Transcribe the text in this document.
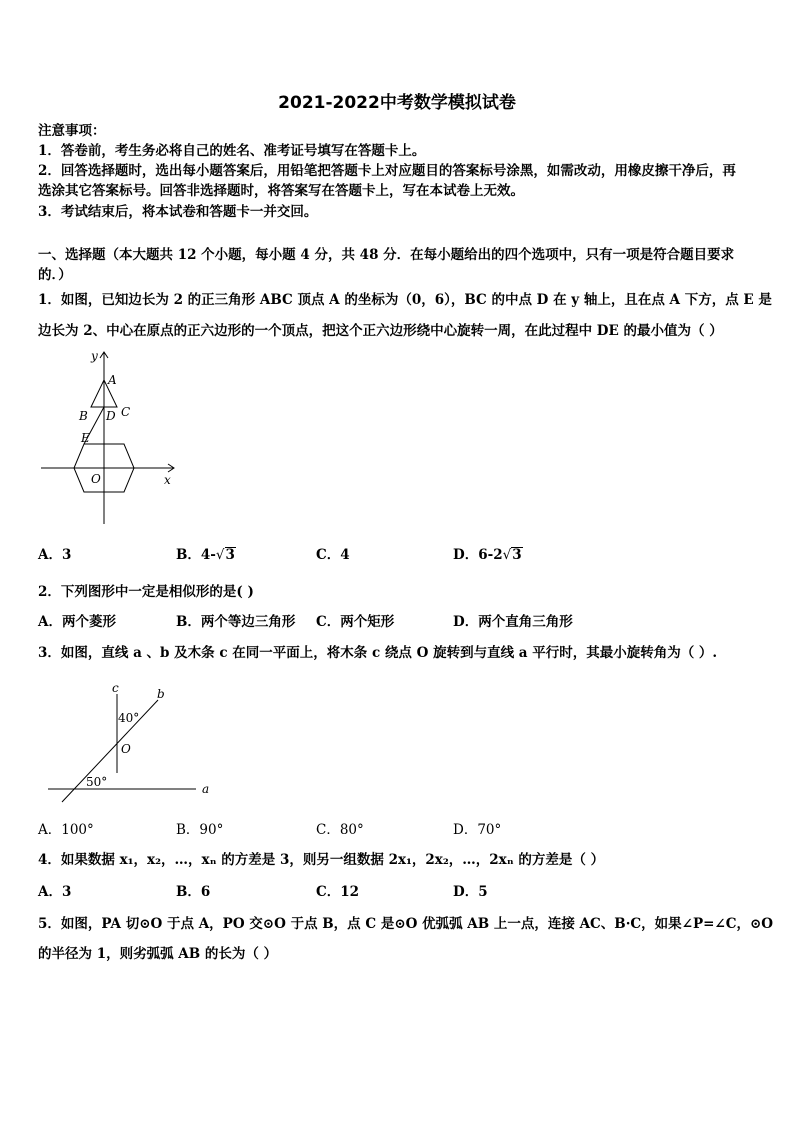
2021-2022中考数学模拟试卷
注意事项：
1．答卷前，考生务必将自己的姓名、准考证号填写在答题卡上。
2．回答选择题时，选出每小题答案后，用铅笔把答题卡上对应题目的答案标号涂黑，如需改动，用橡皮擦干净后，再
选涂其它答案标号。回答非选择题时，将答案写在答题卡上，写在本试卷上无效。
3．考试结束后，将本试卷和答题卡一并交回。
一、选择题（本大题共 12 个小题，每小题 4 分，共 48 分．在每小题给出的四个选项中，只有一项是符合题目要求
的．）
1．如图，已知边长为 2 的正三角形 ABC 顶点 A 的坐标为（0，6），BC 的中点 D 在 y 轴上，且在点 A 下方，点 E 是
边长为 2、中心在原点的正六边形的一个顶点，把这个正六边形绕中心旋转一周，在此过程中 DE 的最小值为（ ）
y
x
A
B D C
E
O
A．3	B．4-√3	C．4	D．6-2√3
2．下列图形中一定是相似形的是( )
A．两个菱形	B．两个等边三角形 C．两个矩形	D．两个直角三角形
3．如图，直线 a 、b 及木条 c 在同一平面上，将木条 c 绕点 O 旋转到与直线 a 平行时，其最小旋转角为（ ）.
c	b
a
O
40°
50°
A．100°	B．90°	C．80°	D．70°
4．如果数据 x₁，x₂，…，xₙ 的方差是 3，则另一组数据 2x₁，2x₂，…，2xₙ 的方差是（ ）
A．3	B．6	C．12	D．5
5．如图，PA 切⊙O 于点 A，PO 交⊙O 于点 B，点 C 是⊙O 优弧弧 AB 上一点，连接 AC、B·C，如果∠P=∠C，⊙O
的半径为 1，则劣弧弧 AB 的长为（ ）
